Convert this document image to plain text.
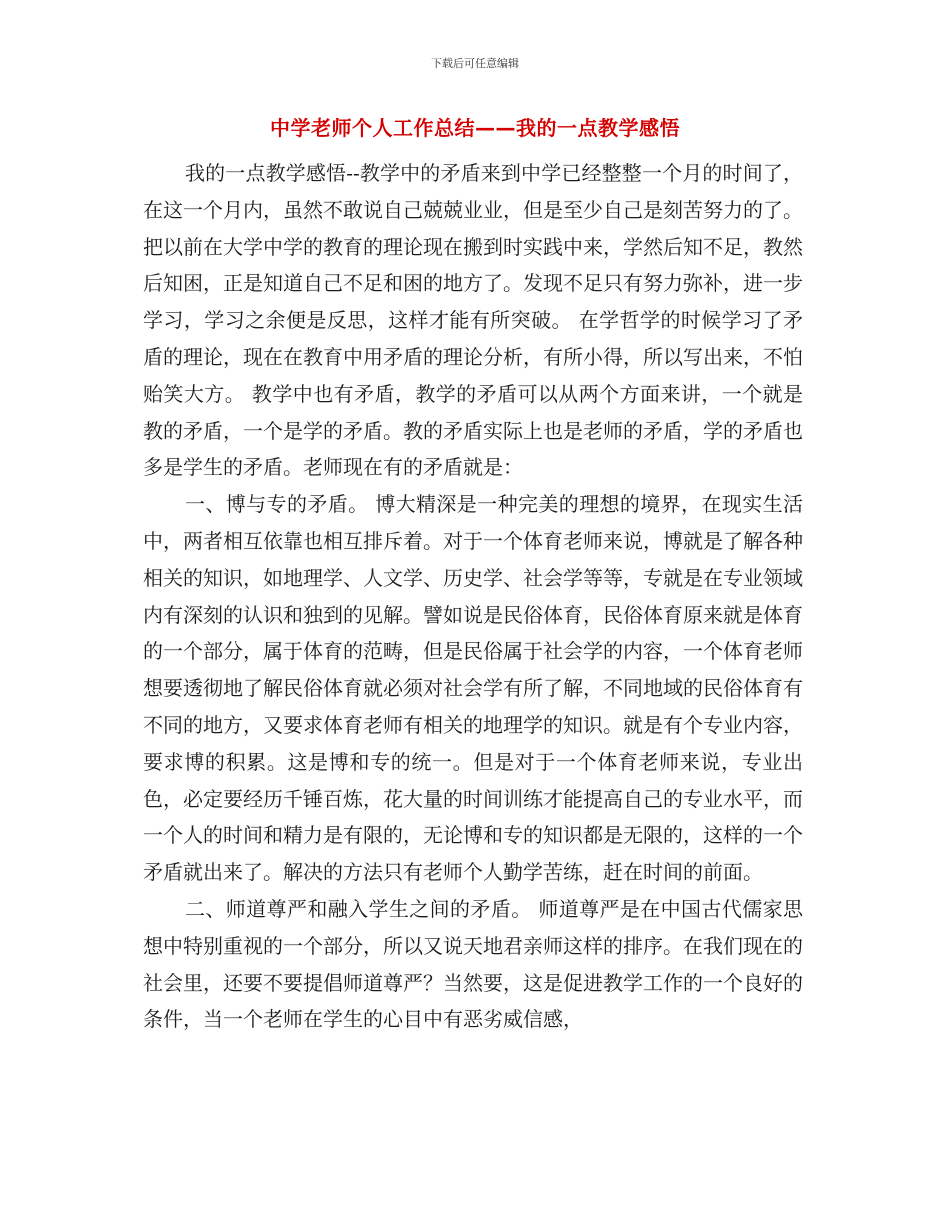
下载后可任意编辑
中学老师个人工作总结——我的一点教学感悟

我的一点教学感悟--教学中的矛盾来到中学已经整整一个月的时间了，在这一个月内，虽然不敢说自己兢兢业业，但是至少自己是刻苦努力的了。把以前在大学中学的教育的理论现在搬到时实践中来，学然后知不足，教然后知困，正是知道自己不足和困的地方了。发现不足只有努力弥补，进一步学习，学习之余便是反思，这样才能有所突破。 在学哲学的时候学习了矛盾的理论，现在在教育中用矛盾的理论分析，有所小得，所以写出来，不怕贻笑大方。 教学中也有矛盾，教学的矛盾可以从两个方面来讲，一个就是教的矛盾，一个是学的矛盾。教的矛盾实际上也是老师的矛盾，学的矛盾也多是学生的矛盾。老师现在有的矛盾就是：

一、博与专的矛盾。 博大精深是一种完美的理想的境界，在现实生活中，两者相互依靠也相互排斥着。对于一个体育老师来说，博就是了解各种相关的知识，如地理学、人文学、历史学、社会学等等，专就是在专业领域内有深刻的认识和独到的见解。譬如说是民俗体育，民俗体育原来就是体育的一个部分，属于体育的范畴，但是民俗属于社会学的内容，一个体育老师想要透彻地了解民俗体育就必须对社会学有所了解，不同地域的民俗体育有不同的地方，又要求体育老师有相关的地理学的知识。就是有个专业内容，要求博的积累。这是博和专的统一。但是对于一个体育老师来说，专业出色，必定要经历千锤百炼，花大量的时间训练才能提高自己的专业水平，而一个人的时间和精力是有限的，无论博和专的知识都是无限的，这样的一个矛盾就出来了。解决的方法只有老师个人勤学苦练，赶在时间的前面。

二、师道尊严和融入学生之间的矛盾。 师道尊严是在中国古代儒家思想中特别重视的一个部分，所以又说天地君亲师这样的排序。在我们现在的社会里，还要不要提倡师道尊严？当然要，这是促进教学工作的一个良好的条件，当一个老师在学生的心目中有恶劣威信感，
